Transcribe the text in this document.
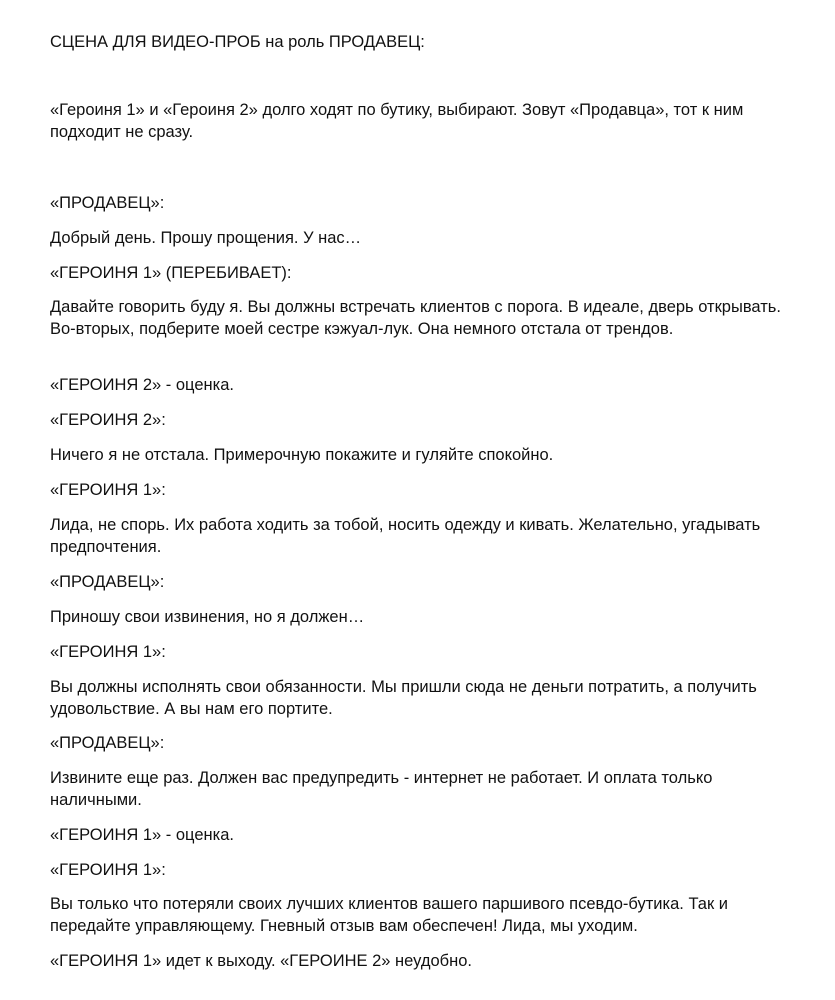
СЦЕНА ДЛЯ ВИДЕО-ПРОБ на роль ПРОДАВЕЦ:

«Героиня 1» и «Героиня 2» долго ходят по бутику, выбирают. Зовут «Продавца», тот к ним подходит не сразу.

«ПРОДАВЕЦ»:

Добрый день. Прошу прощения. У нас…

«ГЕРОИНЯ 1» (ПЕРЕБИВАЕТ):

Давайте говорить буду я. Вы должны встречать клиентов с порога. В идеале, дверь открывать. Во-вторых, подберите моей сестре кэжуал-лук. Она немного отстала от трендов.

«ГЕРОИНЯ 2» - оценка.

«ГЕРОИНЯ 2»:

Ничего я не отстала. Примерочную покажите и гуляйте спокойно.

«ГЕРОИНЯ 1»:

Лида, не спорь. Их работа ходить за тобой, носить одежду и кивать. Желательно, угадывать предпочтения.

«ПРОДАВЕЦ»:

Приношу свои извинения, но я должен…

«ГЕРОИНЯ 1»:

Вы должны исполнять свои обязанности. Мы пришли сюда не деньги потратить, а получить удовольствие. А вы нам его портите.

«ПРОДАВЕЦ»:

Извините еще раз. Должен вас предупредить - интернет не работает. И оплата только наличными.

«ГЕРОИНЯ 1» - оценка.

«ГЕРОИНЯ 1»:

Вы только что потеряли своих лучших клиентов вашего паршивого псевдо-бутика. Так и передайте управляющему. Гневный отзыв вам обеспечен! Лида, мы уходим.

«ГЕРОИНЯ 1» идет к выходу. «ГЕРОИНЕ 2» неудобно.
